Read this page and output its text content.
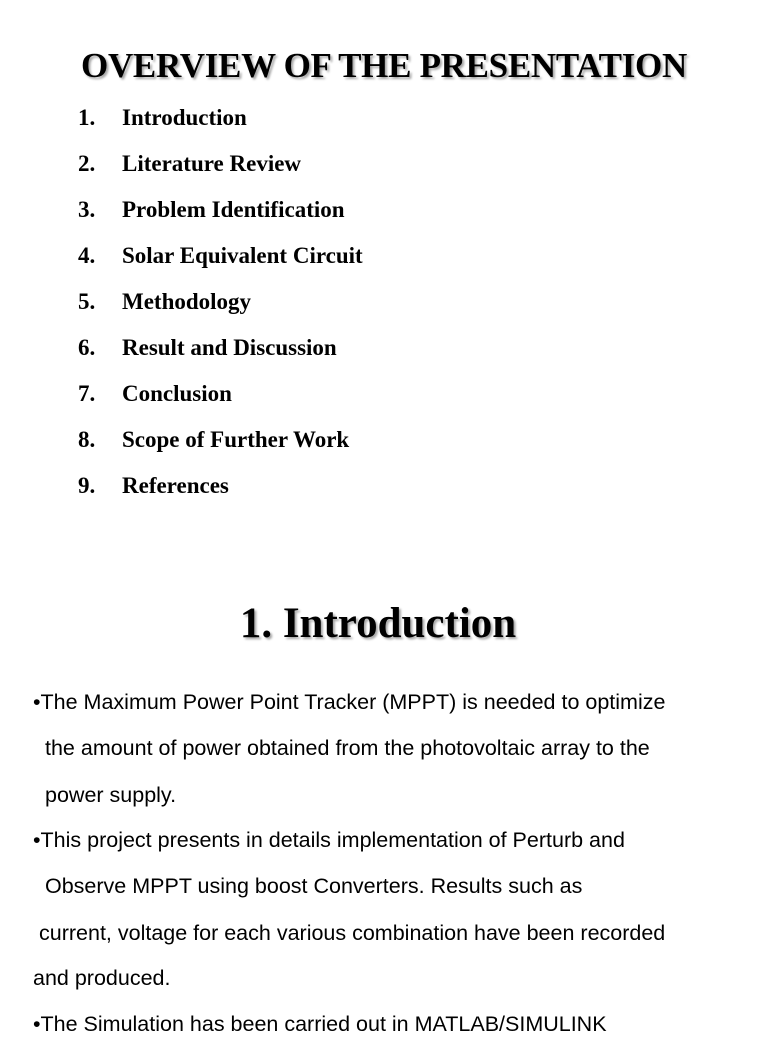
OVERVIEW OF THE PRESENTATION
1. Introduction
2. Literature Review
3. Problem Identification
4. Solar Equivalent Circuit
5. Methodology
6. Result and Discussion
7. Conclusion
8. Scope of Further Work
9. References
1. Introduction
•The Maximum Power Point Tracker (MPPT) is needed to optimize
the amount of power obtained from the photovoltaic array to the
power supply.
•This project presents in details implementation of Perturb and
Observe MPPT using boost Converters. Results such as
current, voltage for each various combination have been recorded
and produced.
•The Simulation has been carried out in MATLAB/SIMULINK
